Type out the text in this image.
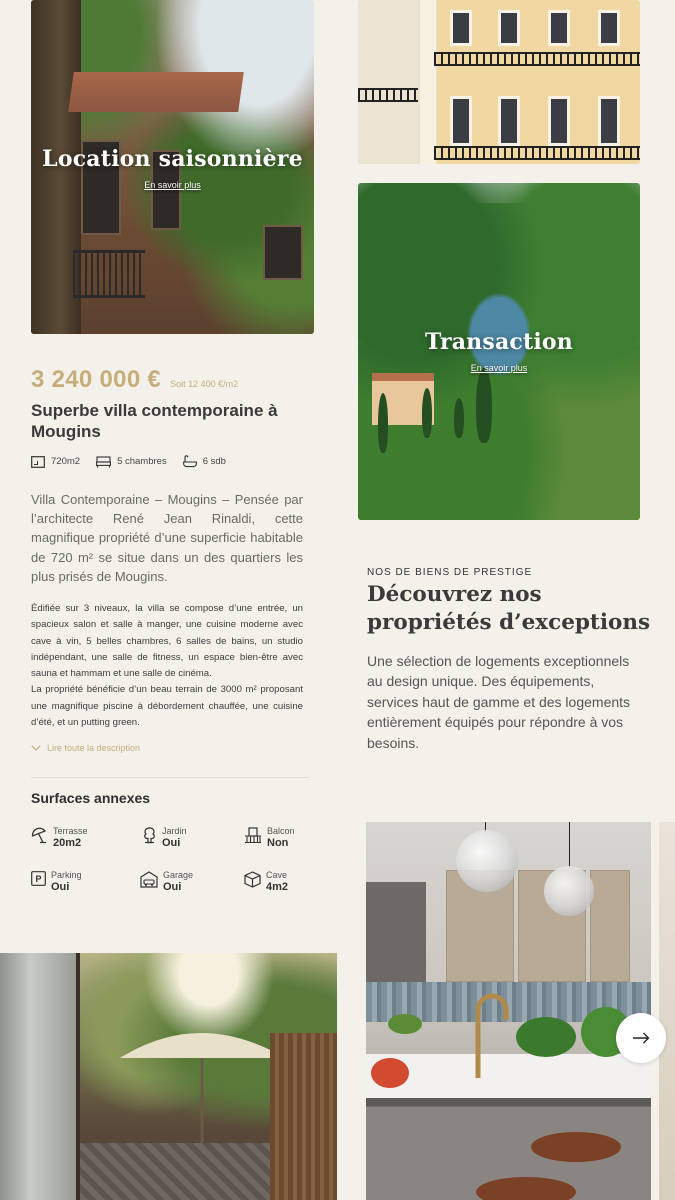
Location saisonnière
En savoir plus
Transaction
En savoir plus
3 240 000 € Soit 12 400 €/m2
Superbe villa contemporaine à Mougins
720m2	5 chambres	6 sdb

Villa Contemporaine – Mougins – Pensée par l’architecte René Jean Rinaldi, cette magnifique propriété d’une superficie habitable de 720 m² se situe dans un des quartiers les plus prisés de Mougins.

Édifiée sur 3 niveaux, la villa se compose d’une entrée, un spacieux salon et salle à manger, une cuisine moderne avec cave à vin, 5 belles chambres, 6 salles de bains, un studio indépendant, une salle de fitness, un espace bien-être avec sauna et hammam et une salle de cinéma.

La propriété bénéficie d’un beau terrain de 3000 m² proposant une magnifique piscine à débordement chauffée, une cuisine d’été, et un putting green.

Lire toute la description
Surfaces annexes
Terrasse
20m2
Jardin
Oui
Balcon
Non
P Parking
Oui
Garage
Oui
Cave
4m2
NOS DE BIENS DE PRESTIGE
Découvrez nos propriétés d’exceptions

Une sélection de logements exceptionnels au design unique. Des équipements, services haut de gamme et des logements entièrement équipés pour répondre à vos besoins.
